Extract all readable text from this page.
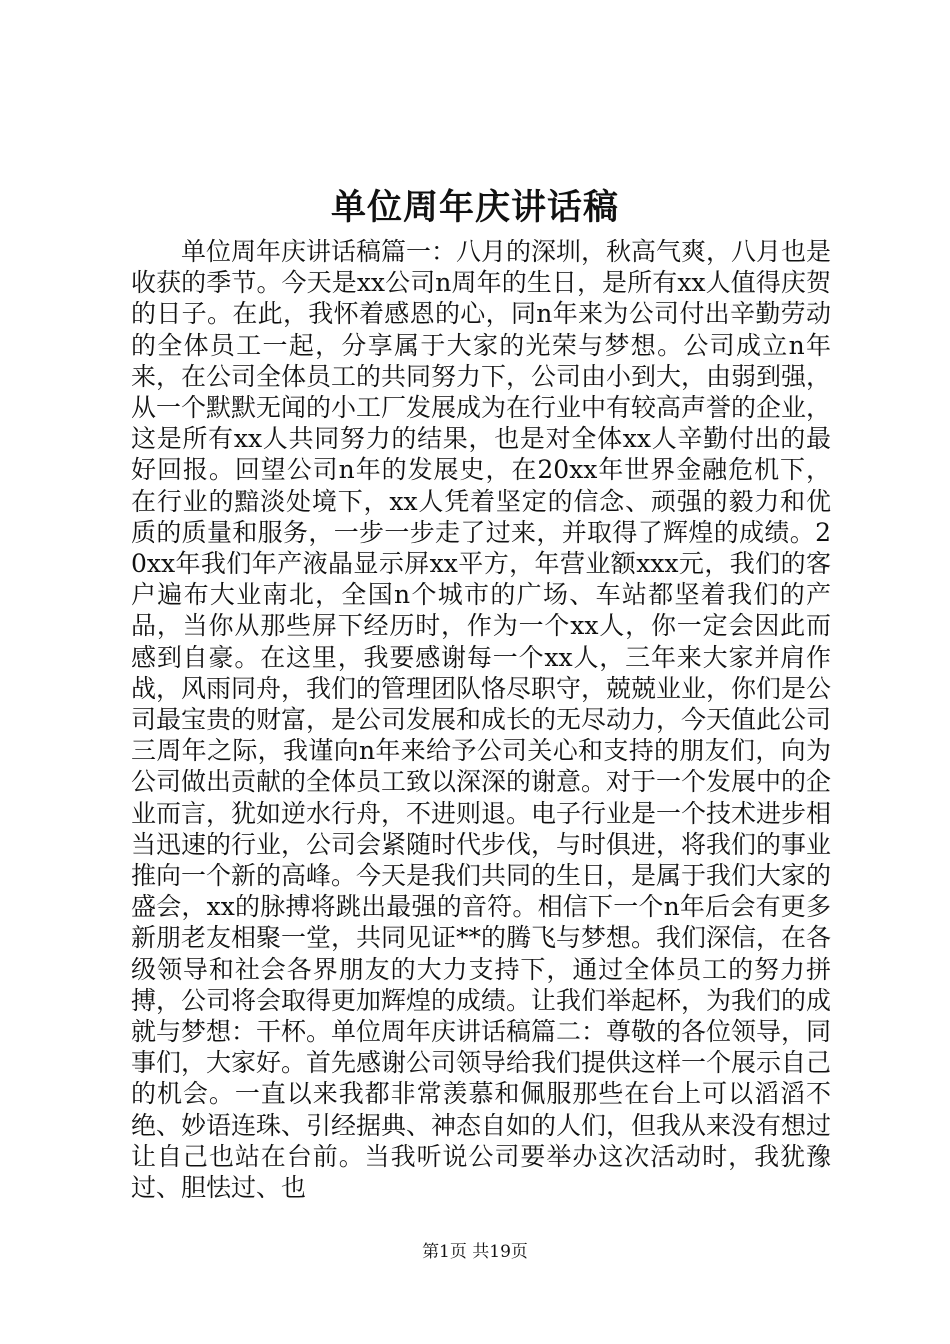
单位周年庆讲话稿

单位周年庆讲话稿篇一：八月的深圳，秋高气爽，八月也是收获的季节。今天是xx公司n周年的生日，是所有xx人值得庆贺的日子。在此，我怀着感恩的心，同n年来为公司付出辛勤劳动的全体员工一起，分享属于大家的光荣与梦想。公司成立n年来，在公司全体员工的共同努力下，公司由小到大，由弱到强，从一个默默无闻的小工厂发展成为在行业中有较高声誉的企业，这是所有xx人共同努力的结果，也是对全体xx人辛勤付出的最好回报。回望公司n年的发展史，在20xx年世界金融危机下，在行业的黯淡处境下，xx人凭着坚定的信念、顽强的毅力和优质的质量和服务，一步一步走了过来，并取得了辉煌的成绩。20xx年我们年产液晶显示屏xx平方，年营业额xxx元，我们的客户遍布大业南北，全国n个城市的广场、车站都坚着我们的产品，当你从那些屏下经历时，作为一个xx人，你一定会因此而感到自豪。在这里，我要感谢每一个xx人，三年来大家并肩作战，风雨同舟，我们的管理团队恪尽职守，兢兢业业，你们是公司最宝贵的财富，是公司发展和成长的无尽动力，今天值此公司三周年之际，我谨向n年来给予公司关心和支持的朋友们，向为公司做出贡献的全体员工致以深深的谢意。对于一个发展中的企业而言，犹如逆水行舟，不进则退。电子行业是一个技术进步相当迅速的行业，公司会紧随时代步伐，与时俱进，将我们的事业推向一个新的高峰。今天是我们共同的生日，是属于我们大家的盛会，xx的脉搏将跳出最强的音符。相信下一个n年后会有更多新朋老友相聚一堂，共同见证**的腾飞与梦想。我们深信，在各级领导和社会各界朋友的大力支持下，通过全体员工的努力拼搏，公司将会取得更加辉煌的成绩。让我们举起杯，为我们的成就与梦想：干杯。单位周年庆讲话稿篇二：尊敬的各位领导，同事们，大家好。首先感谢公司领导给我们提供这样一个展示自己的机会。一直以来我都非常羡慕和佩服那些在台上可以滔滔不绝、妙语连珠、引经据典、神态自如的人们，但我从来没有想过让自己也站在台前。当我听说公司要举办这次活动时，我犹豫过、胆怯过、也

第1页 共19页
